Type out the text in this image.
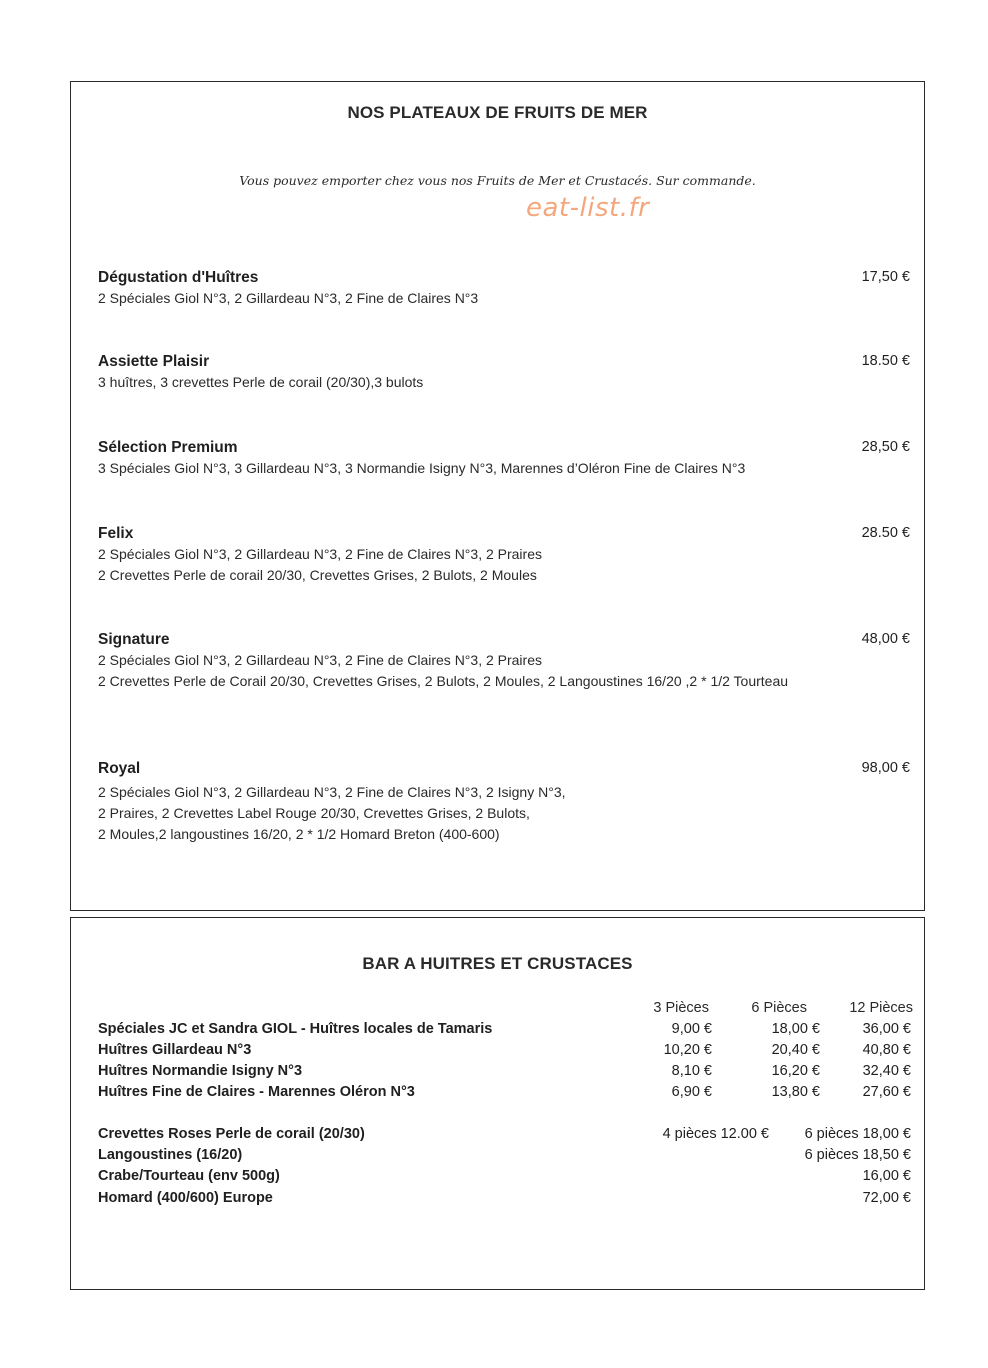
NOS PLATEAUX DE FRUITS DE MER
Vous pouvez emporter chez vous nos Fruits de Mer et Crustacés. Sur commande.
eat-list.fr
Dégustation d'Huîtres	17,50 €
2 Spéciales Giol N°3, 2 Gillardeau N°3, 2 Fine de Claires N°3
Assiette Plaisir	18.50 €
3 huîtres, 3 crevettes Perle de corail (20/30),3 bulots
Sélection Premium	28,50 €
3 Spéciales Giol N°3, 3 Gillardeau N°3, 3 Normandie Isigny N°3, Marennes d’Oléron Fine de Claires N°3
Felix	28.50 €
2 Spéciales Giol N°3, 2 Gillardeau N°3, 2 Fine de Claires N°3, 2 Praires
2 Crevettes Perle de corail 20/30, Crevettes Grises, 2 Bulots, 2 Moules
Signature	48,00 €
2 Spéciales Giol N°3, 2 Gillardeau N°3, 2 Fine de Claires N°3, 2 Praires
2 Crevettes Perle de Corail 20/30, Crevettes Grises, 2 Bulots, 2 Moules, 2 Langoustines 16/20 ,2 * 1/2 Tourteau
Royal	98,00 €
2 Spéciales Giol N°3, 2 Gillardeau N°3, 2 Fine de Claires N°3, 2 Isigny N°3,
2 Praires, 2 Crevettes Label Rouge 20/30, Crevettes Grises, 2 Bulots,
2 Moules,2 langoustines 16/20, 2 * 1/2 Homard Breton (400-600)
BAR A HUITRES ET CRUSTACES
3 Pièces	6 Pièces	12 Pièces
Spéciales JC et Sandra GIOL - Huîtres locales de Tamaris	9,00 €	18,00 €	36,00 €
Huîtres Gillardeau N°3	10,20 €	20,40 €	40,80 €
Huîtres Normandie Isigny N°3	8,10 €	16,20 €	32,40 €
Huîtres Fine de Claires - Marennes Oléron N°3	6,90 €	13,80 €	27,60 €
Crevettes Roses Perle de corail (20/30)	4 pièces 12.00 € 6 pièces 18,00 €
Langoustines (16/20)	6 pièces 18,50 €
Crabe/Tourteau (env 500g)	16,00 €
Homard (400/600) Europe	72,00 €
